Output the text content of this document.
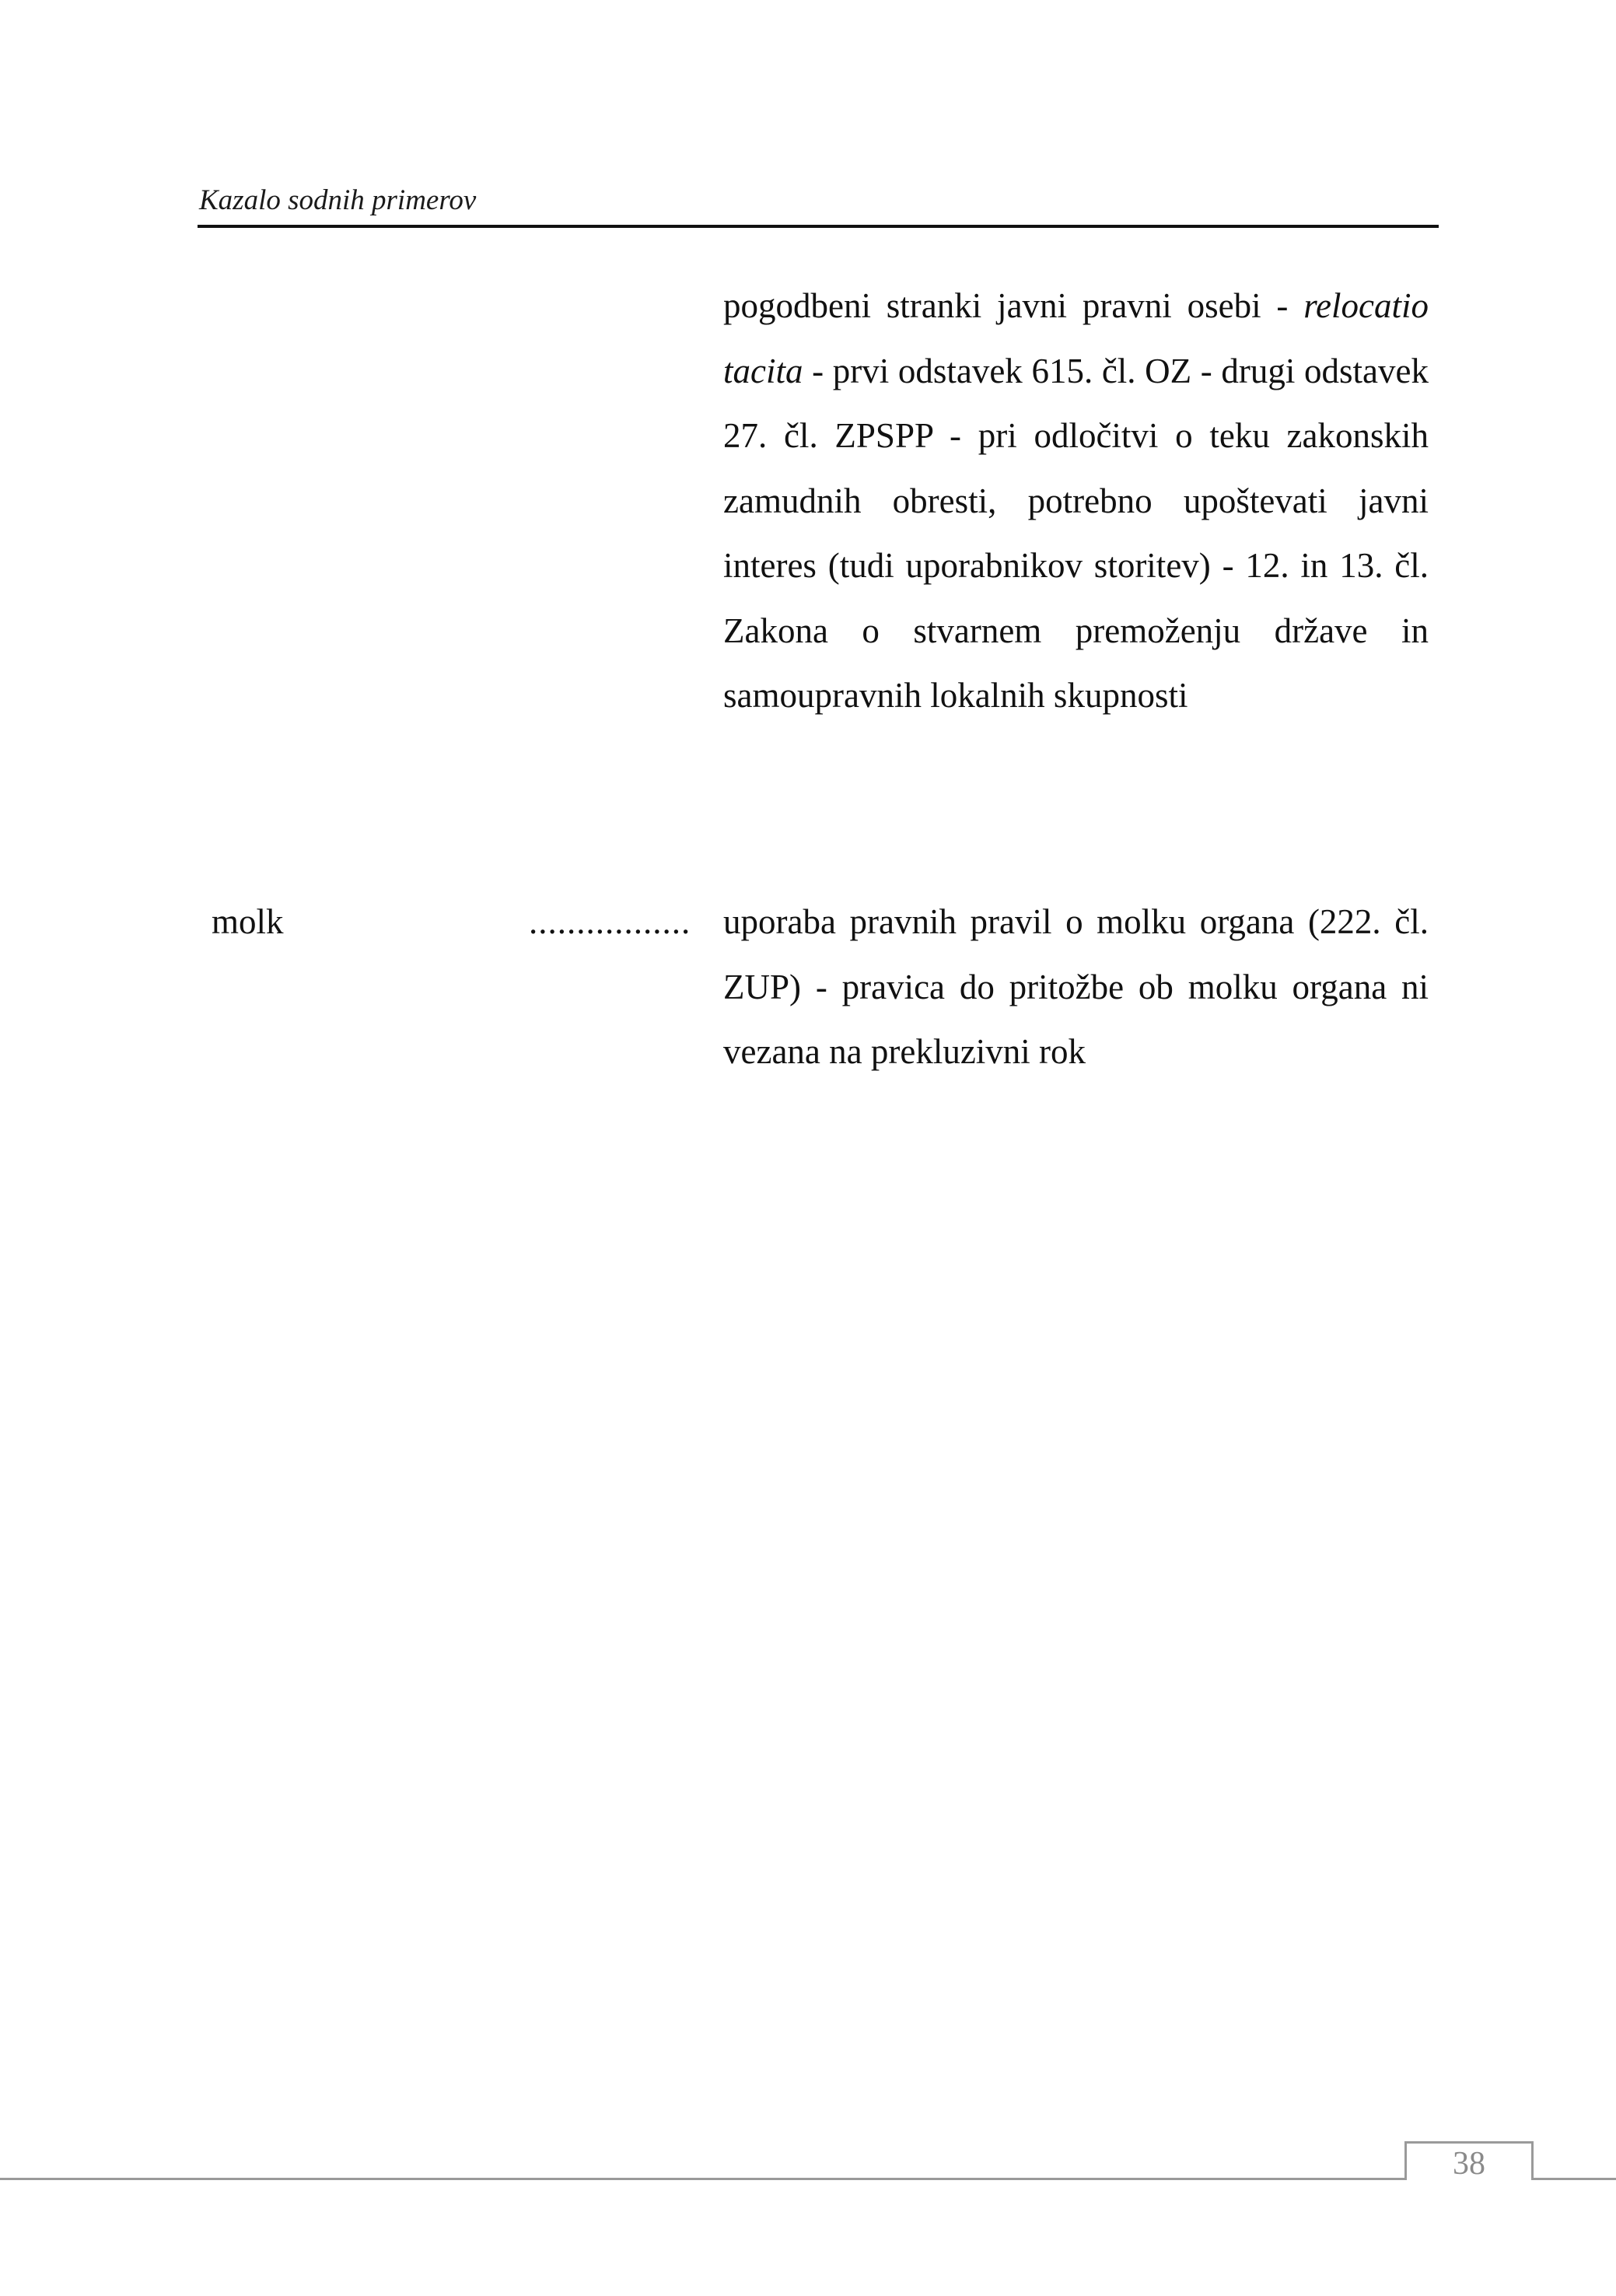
Kazalo sodnih primerov
pogodbeni stranki javni pravni osebi - relocatio tacita - prvi odstavek 615. čl. OZ - drugi odstavek 27. čl. ZPSPP - pri odločitvi o teku zakonskih zamudnih obresti, potrebno upoštevati javni interes (tudi uporabnikov storitev) - 12. in 13. čl. Zakona o stvarnem premoženju države in samoupravnih lokalnih skupnosti
molk	................. uporaba pravnih pravil o molku organa (222. čl. ZUP) - pravica do pritožbe ob molku organa ni vezana na prekluzivni rok
38
